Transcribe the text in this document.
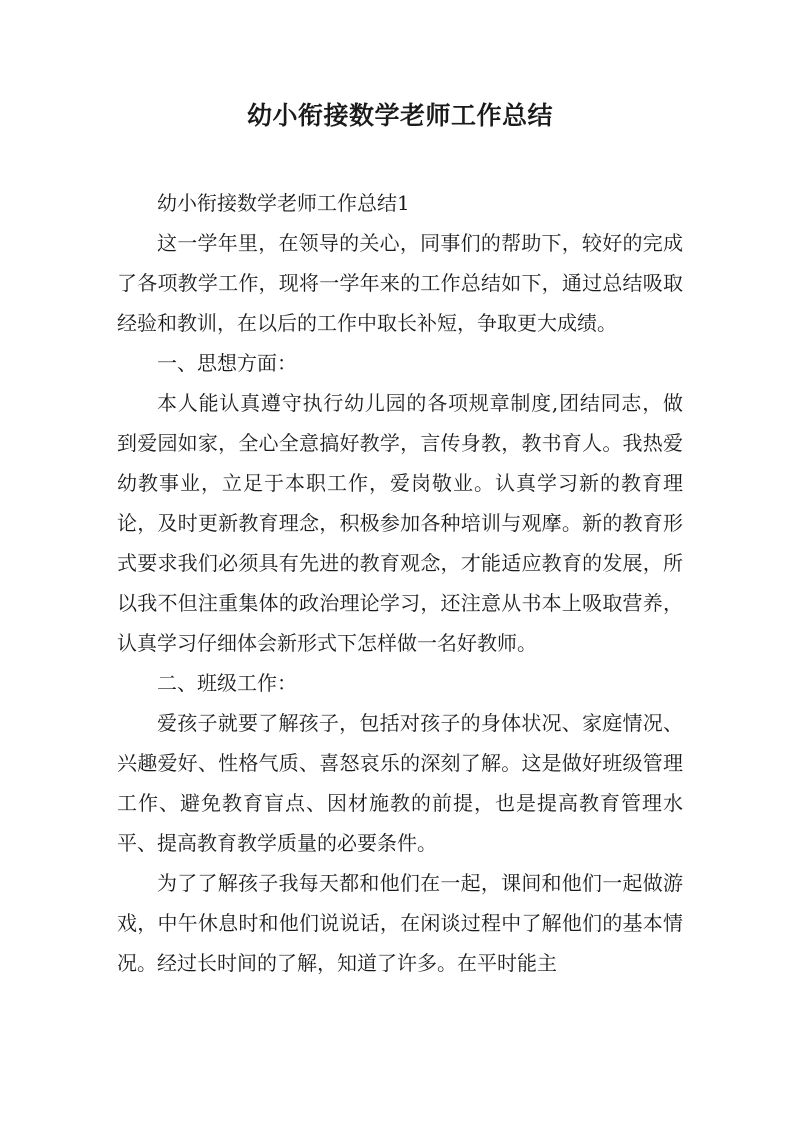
幼小衔接数学老师工作总结

幼小衔接数学老师工作总结1

这一学年里，在领导的关心，同事们的帮助下，较好的完成了各项教学工作，现将一学年来的工作总结如下，通过总结吸取经验和教训，在以后的工作中取长补短，争取更大成绩。

一、思想方面：

本人能认真遵守执行幼儿园的各项规章制度,团结同志，做到爱园如家，全心全意搞好教学，言传身教，教书育人。我热爱幼教事业，立足于本职工作，爱岗敬业。认真学习新的教育理论，及时更新教育理念，积极参加各种培训与观摩。新的教育形式要求我们必须具有先进的教育观念，才能适应教育的发展，所以我不但注重集体的政治理论学习，还注意从书本上吸取营养，认真学习仔细体会新形式下怎样做一名好教师。

二、班级工作：

爱孩子就要了解孩子，包括对孩子的身体状况、家庭情况、兴趣爱好、性格气质、喜怒哀乐的深刻了解。这是做好班级管理工作、避免教育盲点、因材施教的前提，也是提高教育管理水平、提高教育教学质量的必要条件。

为了了解孩子我每天都和他们在一起，课间和他们一起做游戏，中午休息时和他们说说话，在闲谈过程中了解他们的基本情况。经过长时间的了解，知道了许多。在平时能主
